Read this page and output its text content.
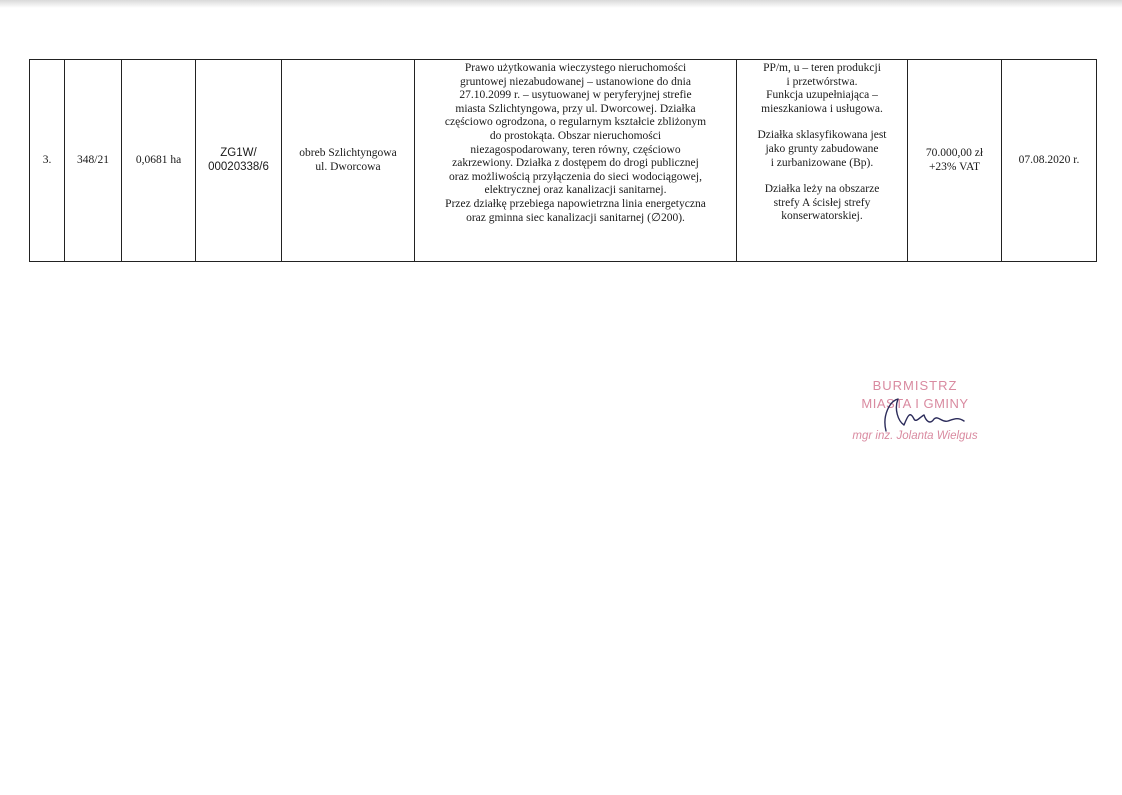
3.	348/21	0,0681 ha	ZG1W/
00020338/6	obreb Szlichtyngowa
ul. Dworcowa	Prawo użytkowania wieczystego nieruchomości
gruntowej niezabudowanej – ustanowione do dnia
27.10.2099 r. – usytuowanej w peryferyjnej strefie
miasta Szlichtyngowa, przy ul. Dworcowej. Działka
częściowo ogrodzona, o regularnym kształcie zbliżonym
do prostokąta. Obszar nieruchomości
niezagospodarowany, teren równy, częściowo
zakrzewiony. Działka z dostępem do drogi publicznej
oraz możliwością przyłączenia do sieci wodociągowej,
elektrycznej oraz kanalizacji sanitarnej.
Przez działkę przebiega napowietrzna linia energetyczna
oraz gminna siec kanalizacji sanitarnej (∅200).	PP/m, u – teren produkcji
i przetwórstwa.
Funkcja uzupełniająca –
mieszkaniowa i usługowa.
Działka sklasyfikowana jest
jako grunty zabudowane
i zurbanizowane (Bp).
Działka leży na obszarze
strefy A ścisłej strefy
konserwatorskiej.	70.000,00 zł
+23% VAT	07.08.2020 r.
BURMISTRZ
MIASTA I GMINY
mgr inz. Jolanta Wielgus
